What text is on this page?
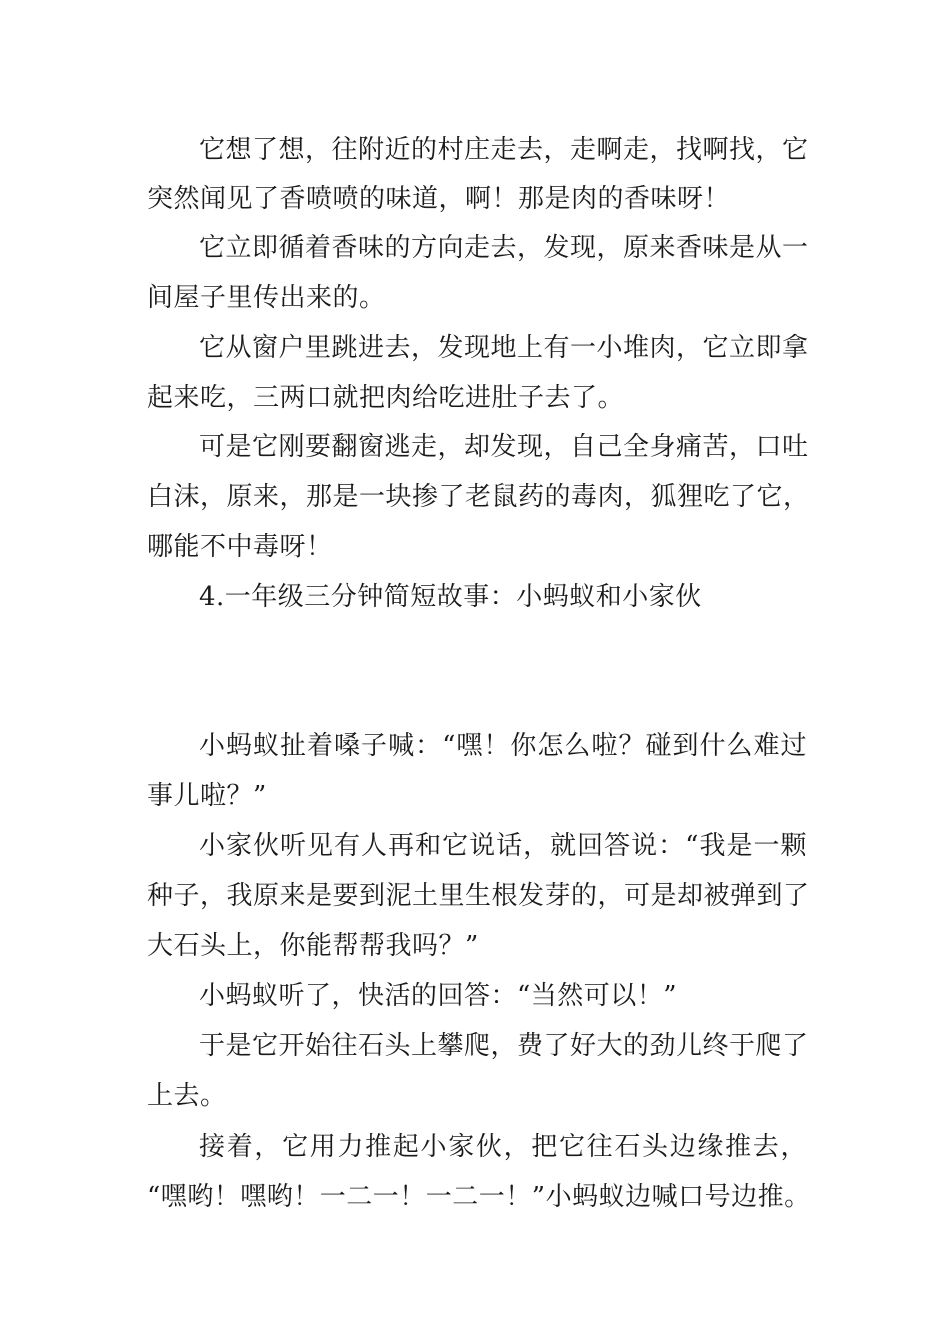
它想了想，往附近的村庄走去，走啊走，找啊找，它
突然闻见了香喷喷的味道，啊！那是肉的香味呀！
它立即循着香味的方向走去，发现，原来香味是从一
间屋子里传出来的。
它从窗户里跳进去，发现地上有一小堆肉，它立即拿
起来吃，三两口就把肉给吃进肚子去了。
可是它刚要翻窗逃走，却发现，自己全身痛苦，口吐
白沫，原来，那是一块掺了老鼠药的毒肉，狐狸吃了它，
哪能不中毒呀！
4.一年级三分钟简短故事：小蚂蚁和小家伙
小蚂蚁扯着嗓子喊：“嘿！你怎么啦？碰到什么难过
事儿啦？”
小家伙听见有人再和它说话，就回答说：“我是一颗
种子，我原来是要到泥土里生根发芽的，可是却被弹到了
大石头上，你能帮帮我吗？”
小蚂蚁听了，快活的回答：“当然可以！”
于是它开始往石头上攀爬，费了好大的劲儿终于爬了
上去。
接着，它用力推起小家伙，把它往石头边缘推去，
“嘿哟！嘿哟！一二一！一二一！”小蚂蚁边喊口号边推。
